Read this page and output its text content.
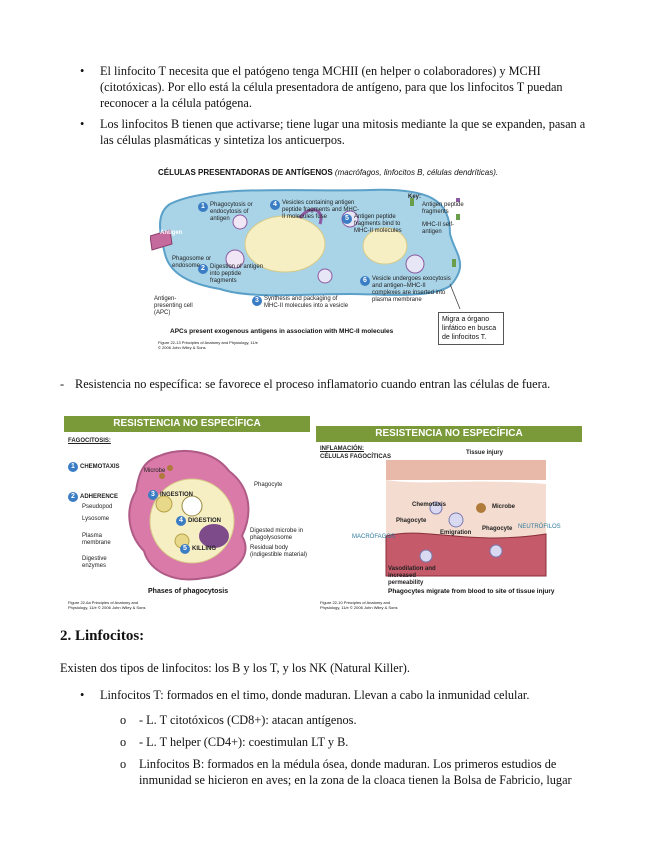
• El linfocito T necesita que el patógeno tenga MCHII (en helper o colaboradores) y MCHI (citotóxicas). Por ello está la célula presentadora de antígeno, para que los linfocitos T puedan reconocer a la célula patógena.
• Los linfocitos B tienen que activarse; tiene lugar una mitosis mediante la que se expanden, pasan a las células plasmáticas y sintetiza los anticuerpos.
CÉLULAS PRESENTADORAS DE ANTÍGENOS (macrófagos, linfocitos B, células dendríticas).
Antigen
Key:
Antigen peptide fragments
MHC-II self-antigen
1 Phagocytosis or endocytosis of antigen
2 Digestion of antigen into peptide fragments
3 Synthesis and packaging of MHC-II molecules into a vesicle
4 Vesicles containing antigen peptide fragments and MHC-II molecules fuse	5 Antigen peptide fragments bind to MHC-II molecules
6 Vesicle undergoes exocytosis and antigen–MHC-II complexes are inserted into plasma membrane
Phagosome or endosome
Antigen-presenting cell (APC)
Migra a órgano linfático en busca de linfocitos T.
APCs present exogenous antigens in association with MHC-II molecules
Figure 22-13 Principles of Anatomy and Physiology, 11/e © 2006 John Wiley & Sons
- Resistencia no específica: se favorece el proceso inflamatorio cuando entran las células de fuera.
RESISTENCIA NO ESPECÍFICA
FAGOCITOSIS:
1 CHEMOTAXIS
2 ADHERENCE	3 INGESTION
4 DIGESTION
5 KILLING
Microbe
Phagocyte
Pseudopod
Lysosome
Plasma membrane
Digestive enzymes
Digested microbe in phagolysosome
Residual body (indigestible material)
Phases of phagocytosis
Figure 22-6a Principles of Anatomy and Physiology, 11/e © 2006 John Wiley & Sons
RESISTENCIA NO ESPECÍFICA
INFLAMACIÓN:
CÉLULAS FAGOCÍTICAS
Tissue injury
Chemotaxis	Microbe
Phagocyte
Phagocyte
Emigration
Vasodilation and increased permeability
NEUTRÓFILOS
MACRÓFAGOS
Phagocytes migrate from blood to site of tissue injury
Figure 22-10 Principles of Anatomy and Physiology, 11/e © 2006 John Wiley & Sons
2. Linfocitos:
Existen dos tipos de linfocitos: los B y los T, y los NK (Natural Killer).
• Linfocitos T: formados en el timo, donde maduran. Llevan a cabo la inmunidad celular.
o - L. T citotóxicos (CD8+): atacan antígenos.
o - L. T helper (CD4+): coestimulan LT y B.
o Linfocitos B: formados en la médula ósea, donde maduran. Los primeros estudios de inmunidad se hicieron en aves; en la zona de la cloaca tienen la Bolsa de Fabricio, lugar
